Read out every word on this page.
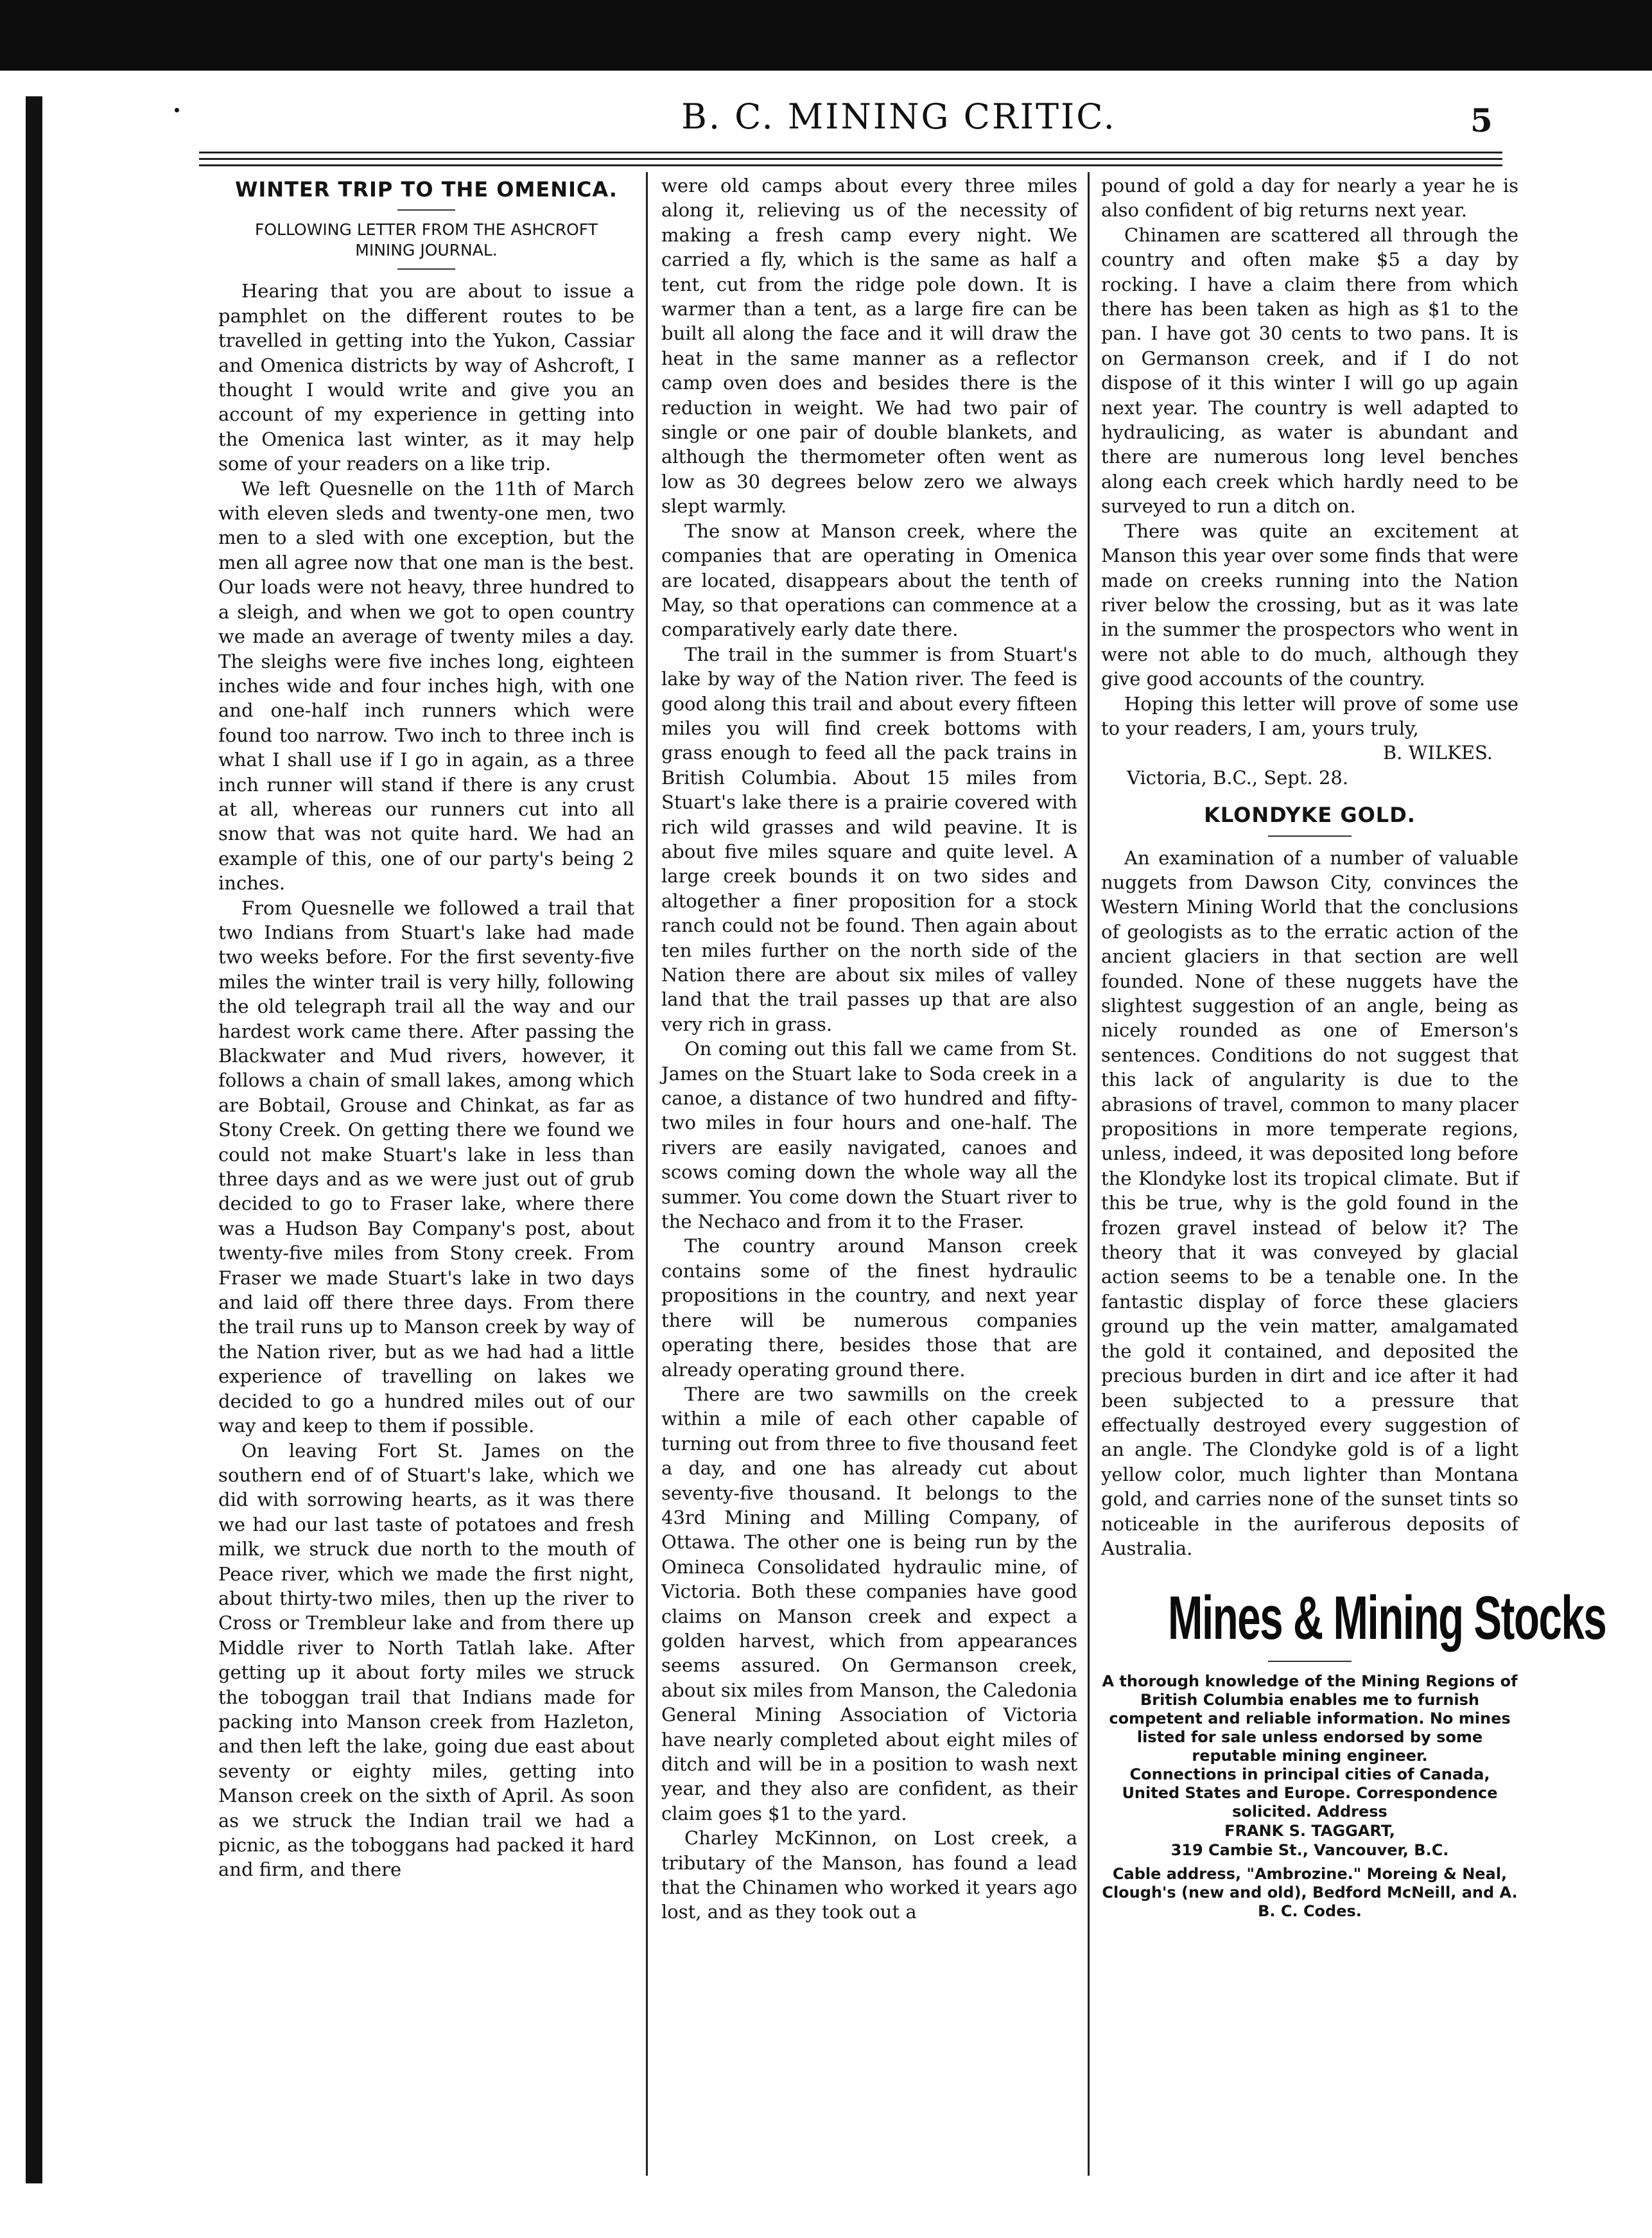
B. C. MINING CRITIC.	5
WINTER TRIP TO THE OMENICA.
FOLLOWING LETTER FROM THE ASHCROFT MINING JOURNAL.

Hearing that you are about to issue a pamphlet on the different routes to be travelled in getting into the Yukon, Cassiar and Omenica districts by way of Ashcroft, I thought I would write and give you an account of my experience in getting into the Omenica last winter, as it may help some of your readers on a like trip.

We left Quesnelle on the 11th of March with eleven sleds and twenty-one men, two men to a sled with one exception, but the men all agree now that one man is the best. Our loads were not heavy, three hundred to a sleigh, and when we got to open country we made an average of twenty miles a day. The sleighs were five inches long, eighteen inches wide and four inches high, with one and one-half inch runners which were found too narrow. Two inch to three inch is what I shall use if I go in again, as a three inch runner will stand if there is any crust at all, whereas our runners cut into all snow that was not quite hard. We had an example of this, one of our party's being 2 inches.

From Quesnelle we followed a trail that two Indians from Stuart's lake had made two weeks before. For the first seventy-five miles the winter trail is very hilly, following the old telegraph trail all the way and our hardest work came there. After passing the Blackwater and Mud rivers, however, it follows a chain of small lakes, among which are Bobtail, Grouse and Chinkat, as far as Stony Creek. On getting there we found we could not make Stuart's lake in less than three days and as we were just out of grub decided to go to Fraser lake, where there was a Hudson Bay Company's post, about twenty-five miles from Stony creek. From Fraser we made Stuart's lake in two days and laid off there three days. From there the trail runs up to Manson creek by way of the Nation river, but as we had had a little experience of travelling on lakes we decided to go a hundred miles out of our way and keep to them if possible.

On leaving Fort St. James on the southern end of of Stuart's lake, which we did with sorrowing hearts, as it was there we had our last taste of potatoes and fresh milk, we struck due north to the mouth of Peace river, which we made the first night, about thirty-two miles, then up the river to Cross or Trembleur lake and from there up Middle river to North Tatlah lake. After getting up it about forty miles we struck the toboggan trail that Indians made for packing into Manson creek from Hazleton, and then left the lake, going due east about seventy or eighty miles, getting into Manson creek on the sixth of April. As soon as we struck the Indian trail we had a picnic, as the toboggans had packed it hard and firm, and there

were old camps about every three miles along it, relieving us of the necessity of making a fresh camp every night. We carried a fly, which is the same as half a tent, cut from the ridge pole down. It is warmer than a tent, as a large fire can be built all along the face and it will draw the heat in the same manner as a reflector camp oven does and besides there is the reduction in weight. We had two pair of single or one pair of double blankets, and although the thermometer often went as low as 30 degrees below zero we always slept warmly.

The snow at Manson creek, where the companies that are operating in Omenica are located, disappears about the tenth of May, so that operations can commence at a comparatively early date there.

The trail in the summer is from Stuart's lake by way of the Nation river. The feed is good along this trail and about every fifteen miles you will find creek bottoms with grass enough to feed all the pack trains in British Columbia. About 15 miles from Stuart's lake there is a prairie covered with rich wild grasses and wild peavine. It is about five miles square and quite level. A large creek bounds it on two sides and altogether a finer proposition for a stock ranch could not be found. Then again about ten miles further on the north side of the Nation there are about six miles of valley land that the trail passes up that are also very rich in grass.

On coming out this fall we came from St. James on the Stuart lake to Soda creek in a canoe, a distance of two hundred and fifty-two miles in four hours and one-half. The rivers are easily navigated, canoes and scows coming down the whole way all the summer. You come down the Stuart river to the Nechaco and from it to the Fraser.

The country around Manson creek contains some of the finest hydraulic propositions in the country, and next year there will be numerous companies operating there, besides those that are already operating ground there.

There are two sawmills on the creek within a mile of each other capable of turning out from three to five thousand feet a day, and one has already cut about seventy-five thousand. It belongs to the 43rd Mining and Milling Company, of Ottawa. The other one is being run by the Omineca Consolidated hydraulic mine, of Victoria. Both these companies have good claims on Manson creek and expect a golden harvest, which from appearances seems assured. On Germanson creek, about six miles from Manson, the Caledonia General Mining Association of Victoria have nearly completed about eight miles of ditch and will be in a position to wash next year, and they also are confident, as their claim goes $1 to the yard.

Charley McKinnon, on Lost creek, a tributary of the Manson, has found a lead that the Chinamen who worked it years ago lost, and as they took out a

pound of gold a day for nearly a year he is also confident of big returns next year.

Chinamen are scattered all through the country and often make $5 a day by rocking. I have a claim there from which there has been taken as high as $1 to the pan. I have got 30 cents to two pans. It is on Germanson creek, and if I do not dispose of it this winter I will go up again next year. The country is well adapted to hydraulicing, as water is abundant and there are numerous long level benches along each creek which hardly need to be surveyed to run a ditch on.

There was quite an excitement at Manson this year over some finds that were made on creeks running into the Nation river below the crossing, but as it was late in the summer the prospectors who went in were not able to do much, although they give good accounts of the country.

Hoping this letter will prove of some use to your readers, I am, yours truly,

B. WILKES.

Victoria, B.C., Sept. 28.

KLONDYKE GOLD.

An examination of a number of valuable nuggets from Dawson City, convinces the Western Mining World that the conclusions of geologists as to the erratic action of the ancient glaciers in that section are well founded. None of these nuggets have the slightest suggestion of an angle, being as nicely rounded as one of Emerson's sentences. Conditions do not suggest that this lack of angularity is due to the abrasions of travel, common to many placer propositions in more temperate regions, unless, indeed, it was deposited long before the Klondyke lost its tropical climate. But if this be true, why is the gold found in the frozen gravel instead of below it? The theory that it was conveyed by glacial action seems to be a tenable one. In the fantastic display of force these glaciers ground up the vein matter, amalgamated the gold it contained, and deposited the precious burden in dirt and ice after it had been subjected to a pressure that effectually destroyed every suggestion of an angle. The Clondyke gold is of a light yellow color, much lighter than Montana gold, and carries none of the sunset tints so noticeable in the auriferous deposits of Australia.

Mines & Mining Stocks

A thorough knowledge of the Mining Regions of British Columbia enables me to furnish competent and reliable information. No mines listed for sale unless endorsed by some reputable mining engineer.

Connections in principal cities of Canada, United States and Europe. Correspondence solicited. Address

FRANK S. TAGGART,

319 Cambie St., Vancouver, B.C.

Cable address, "Ambrozine." Moreing & Neal, Clough's (new and old), Bedford McNeill, and A. B. C. Codes.
